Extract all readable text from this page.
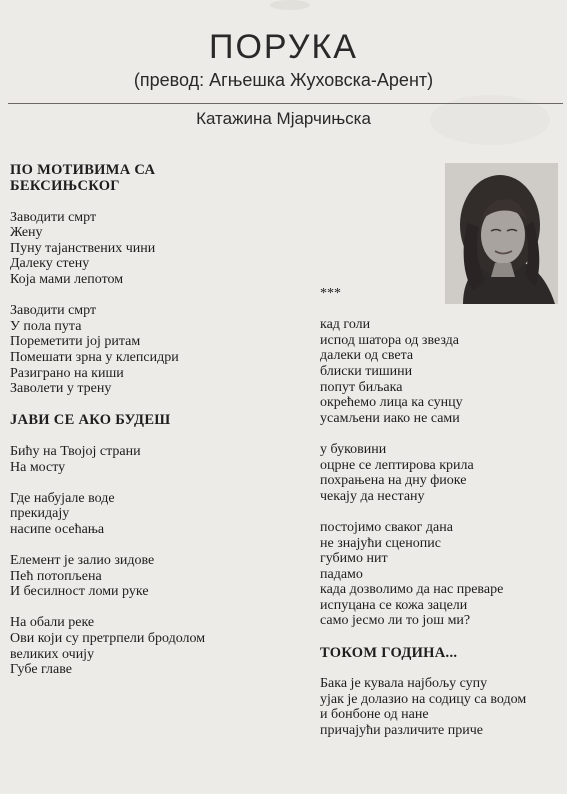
ПОРУКА
(превод: Агњешка Жуховска-Арент)
Катажина Мјарчињска
ПО МОТИВИМА СА
БЕКСИЊСКОГ
Заводити смрт
Жену
Пуну тајанствених чини
Далеку стену
Која мами лепотом
Заводити смрт
У пола пута
Пореметити јој ритам
Помешати зрна у клепсидри
Разиграно на киши
Заволети у трену
ЈАВИ СЕ АКО БУДЕШ
Бићу на Твојој страни
На мосту
Где набујале воде
прекидају
насипе осећања
Елемент је залио зидове
Пећ потопљена
И бесилност ломи руке
На обали реке
Ови који су претрпели бродолом
великих очију
Губе главе
***
кад голи
испод шатора од звезда
далеки од света
блиски тишини
попут биљака
окрећемо лица ка сунцу
усамљени иако не сами
у буковини
оцрне се лептирова крила
похрањена на дну фиоке
чекају да нестану
постојимо сваког дана
не знајући сценопис
губимо нит
падамо
када дозволимо да нас преваре
испуцана се кожа зацели
само јесмо ли то још ми?
ТОКОМ ГОДИНА...
Бака је кувала најбољу супу
ујак је долазио на содицу са водом
и бонбоне од нане
причајући различите приче
